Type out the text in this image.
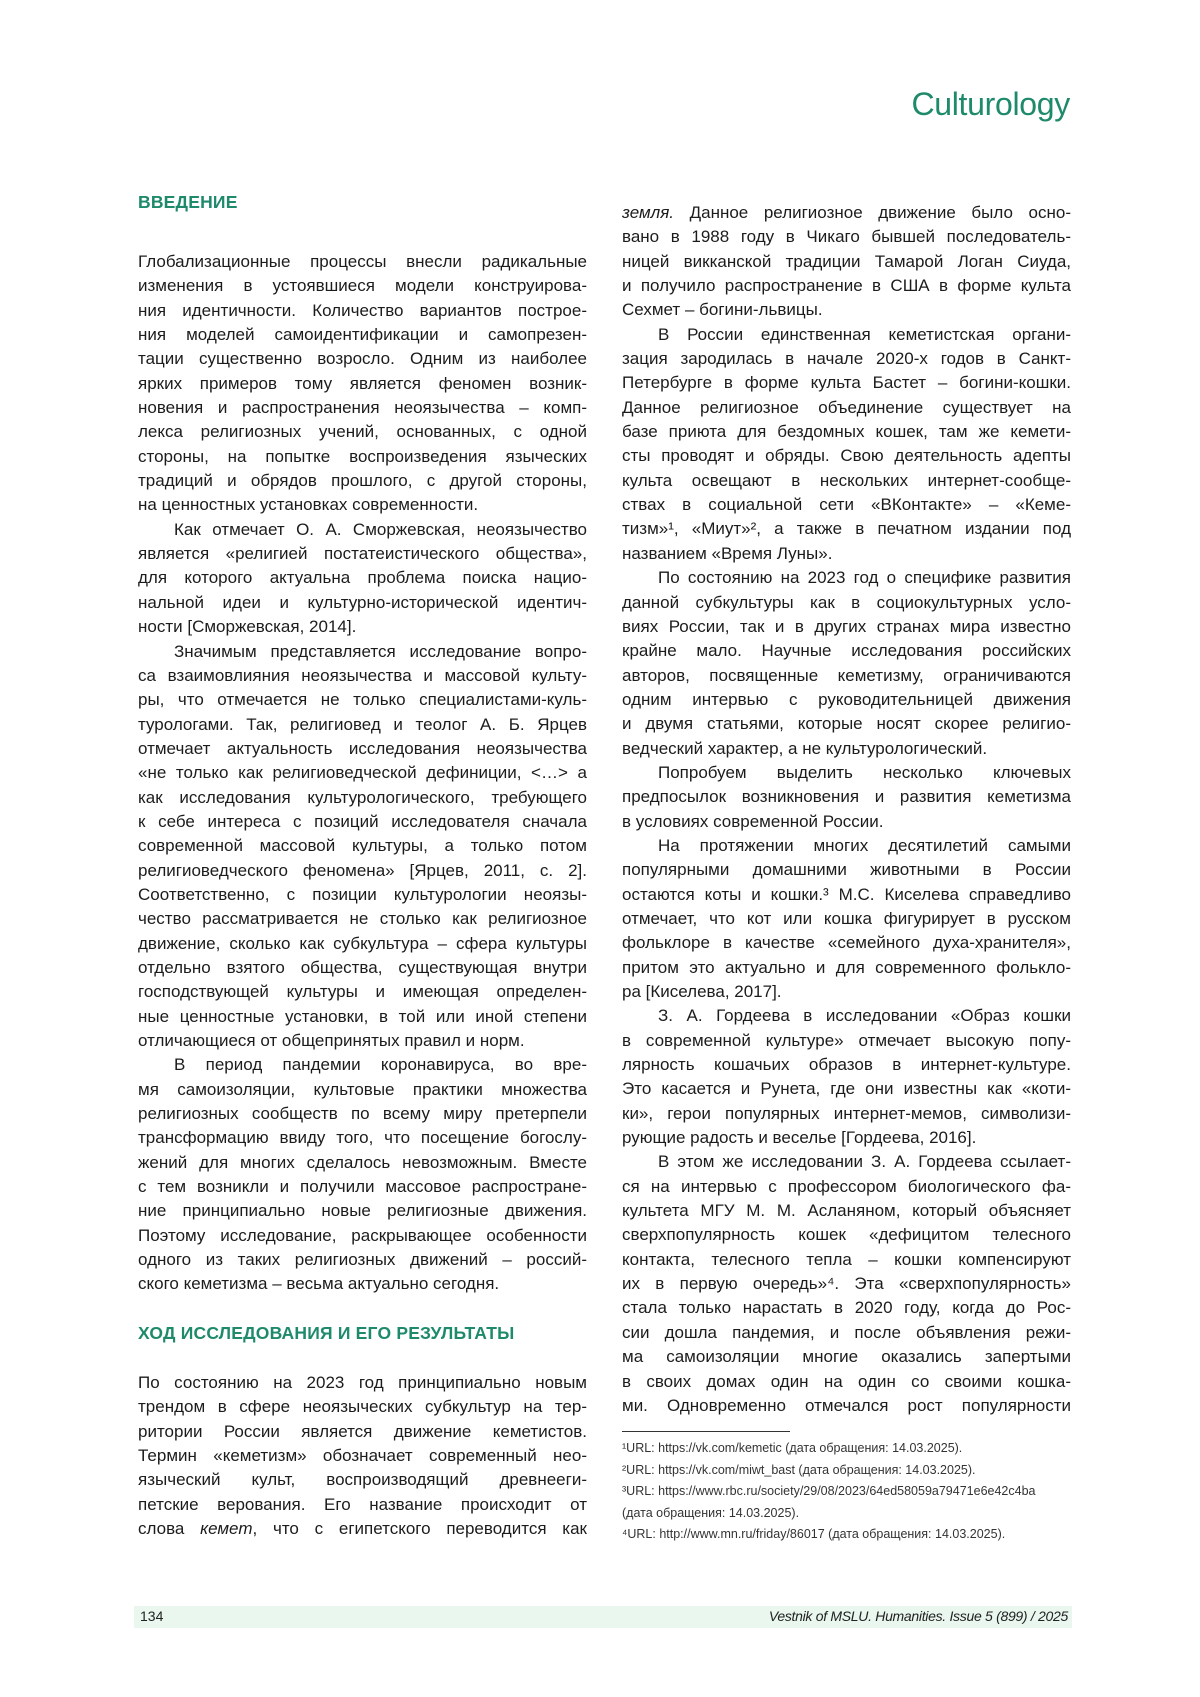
Culturology
ВВЕДЕНИЕ
Глобализационные процессы внесли радикальные
изменения в устоявшиеся модели конструирова-
ния идентичности. Количество вариантов построе-
ния моделей самоидентификации и самопрезен-
тации существенно возросло. Одним из наиболее
ярких примеров тому является феномен возник-
новения и распространения неоязычества – комп-
лекса религиозных учений, основанных, с одной
стороны, на попытке воспроизведения языческих
традиций и обрядов прошлого, с другой стороны,
на ценностных установках современности.
Как отмечает О. А. Сморжевская, неоязычество
является «религией постатеистического общества»,
для которого актуальна проблема поиска нацио-
нальной идеи и культурно-исторической идентич-
ности [Сморжевская, 2014].
Значимым представляется исследование вопро-
са взаимовлияния неоязычества и массовой культу-
ры, что отмечается не только специалистами-куль-
турологами. Так, религиовед и теолог А. Б. Ярцев
отмечает актуальность исследования неоязычества
«не только как религиоведческой дефиниции, <…> а
как исследования культурологического, требующего
к себе интереса с позиций исследователя сначала
современной массовой культуры, а только потом
религиоведческого феномена» [Ярцев, 2011, с. 2].
Соответственно, с позиции культурологии неоязы-
чество рассматривается не столько как религиозное
движение, сколько как субкультура – сфера культуры
отдельно взятого общества, существующая внутри
господствующей культуры и имеющая определен-
ные ценностные установки, в той или иной степени
отличающиеся от общепринятых правил и норм.
В период пандемии коронавируса, во вре-
мя самоизоляции, культовые практики множества
религиозных сообществ по всему миру претерпели
трансформацию ввиду того, что посещение богослу-
жений для многих сделалось невозможным. Вместе
с тем возникли и получили массовое распростране-
ние принципиально новые религиозные движения.
Поэтому исследование, раскрывающее особенности
одного из таких религиозных движений – россий-
ского кеметизма – весьма актуально сегодня.
ХОД ИССЛЕДОВАНИЯ И ЕГО РЕЗУЛЬТАТЫ
По состоянию на 2023 год принципиально новым
трендом в сфере неоязыческих субкультур на тер-
ритории России является движение кеметистов.
Термин «кеметизм» обозначает современный нео-
языческий культ, воспроизводящий древнееги-
петские верования. Его название происходит от
слова кемет, что с египетского переводится как
земля. Данное религиозное движение было осно-
вано в 1988 году в Чикаго бывшей последователь-
ницей викканской традиции Тамарой Логан Сиуда,
и получило распространение в США в форме культа
Сехмет – богини-львицы.
В России единственная кеметистская органи-
зация зародилась в начале 2020-х годов в Санкт-
Петербурге в форме культа Бастет – богини-кошки.
Данное религиозное объединение существует на
базе приюта для бездомных кошек, там же кемети-
сты проводят и обряды. Свою деятельность адепты
культа освещают в нескольких интернет-сообще-
ствах в социальной сети «ВКонтакте» – «Кеме-
тизм»¹, «Миут»², а также в печатном издании под
названием «Время Луны».
По состоянию на 2023 год о специфике развития
данной субкультуры как в социокультурных усло-
виях России, так и в других странах мира известно
крайне мало. Научные исследования российских
авторов, посвященные кеметизму, ограничиваются
одним интервью с руководительницей движения
и двумя статьями, которые носят скорее религио-
ведческий характер, а не культурологический.
Попробуем выделить несколько ключевых
предпосылок возникновения и развития кеметизма
в условиях современной России.
На протяжении многих десятилетий самыми
популярными домашними животными в России
остаются коты и кошки.³ М.С. Киселева справедливо
отмечает, что кот или кошка фигурирует в русском
фольклоре в качестве «семейного духа-хранителя»,
притом это актуально и для современного фолькло-
ра [Киселева, 2017].
З. А. Гордеева в исследовании «Образ кошки
в современной культуре» отмечает высокую попу-
лярность кошачьих образов в интернет-культуре.
Это касается и Рунета, где они известны как «коти-
ки», герои популярных интернет-мемов, символизи-
рующие радость и веселье [Гордеева, 2016].
В этом же исследовании З. А. Гордеева ссылает-
ся на интервью с профессором биологического фа-
культета МГУ М. М. Асланяном, который объясняет
сверхпопулярность кошек «дефицитом телесного
контакта, телесного тепла – кошки компенсируют
их в первую очередь»⁴. Эта «сверхпопулярность»
стала только нарастать в 2020 году, когда до Рос-
сии дошла пандемия, и после объявления режи-
ма самоизоляции многие оказались запертыми
в своих домах один на один со своими кошка-
ми. Одновременно отмечался рост популярности
¹URL: https://vk.com/kemetic (дата обращения: 14.03.2025).
²URL: https://vk.com/miwt_bast (дата обращения: 14.03.2025).
³URL: https://www.rbc.ru/society/29/08/2023/64ed58059a79471e6e42c4ba
(дата обращения: 14.03.2025).
⁴URL: http://www.mn.ru/friday/86017 (дата обращения: 14.03.2025).
134	Vestnik of MSLU. Humanities. Issue 5 (899) / 2025
